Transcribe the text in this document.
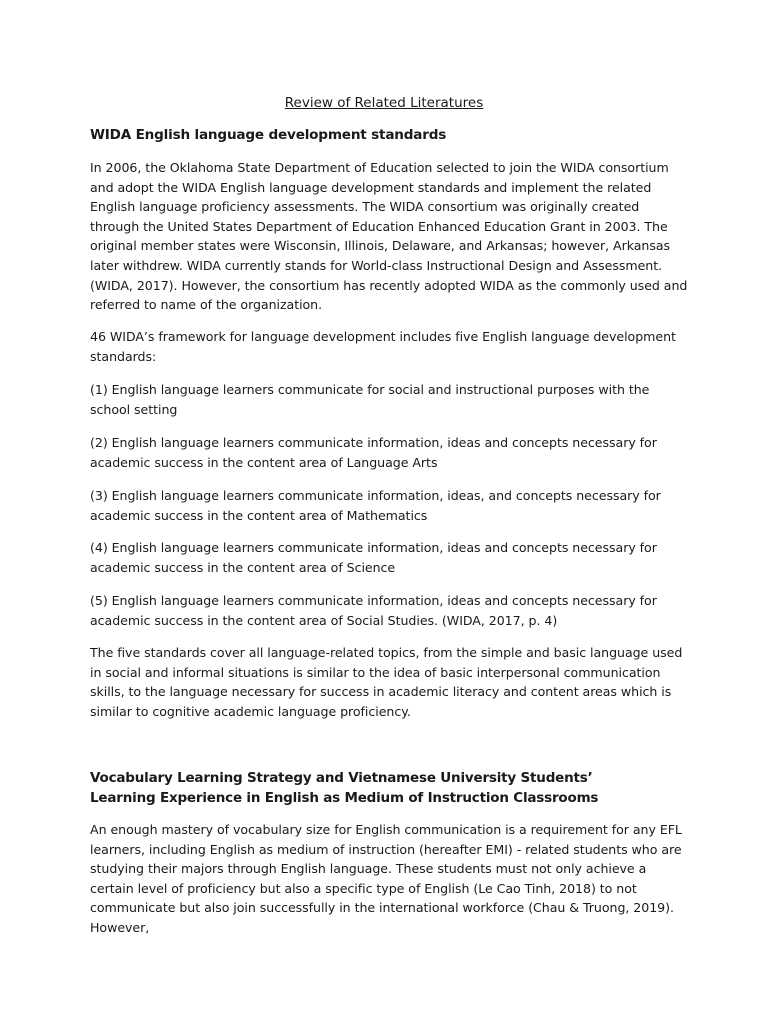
Review of Related Literatures
WIDA English language development standards

In 2006, the Oklahoma State Department of Education selected to join the WIDA consortium and adopt the WIDA English language development standards and implement the related English language proficiency assessments. The WIDA consortium was originally created through the United States Department of Education Enhanced Education Grant in 2003. The original member states were Wisconsin, Illinois, Delaware, and Arkansas; however, Arkansas later withdrew. WIDA currently stands for World-class Instructional Design and Assessment. (WIDA, 2017). However, the consortium has recently adopted WIDA as the commonly used and referred to name of the organization.

46 WIDA’s framework for language development includes five English language development standards:

(1) English language learners communicate for social and instructional purposes with the school setting

(2) English language learners communicate information, ideas and concepts necessary for academic success in the content area of Language Arts

(3) English language learners communicate information, ideas, and concepts necessary for academic success in the content area of Mathematics

(4) English language learners communicate information, ideas and concepts necessary for academic success in the content area of Science

(5) English language learners communicate information, ideas and concepts necessary for academic success in the content area of Social Studies. (WIDA, 2017, p. 4)

The five standards cover all language-related topics, from the simple and basic language used in social and informal situations is similar to the idea of basic interpersonal communication skills, to the language necessary for success in academic literacy and content areas which is similar to cognitive academic language proficiency.

Vocabulary Learning Strategy and Vietnamese University Students’ Learning Experience in English as Medium of Instruction Classrooms

An enough mastery of vocabulary size for English communication is a requirement for any EFL learners, including English as medium of instruction (hereafter EMI) - related students who are studying their majors through English language. These students must not only achieve a certain level of proficiency but also a specific type of English (Le Cao Tinh, 2018) to not communicate but also join successfully in the international workforce (Chau & Truong, 2019). However,
